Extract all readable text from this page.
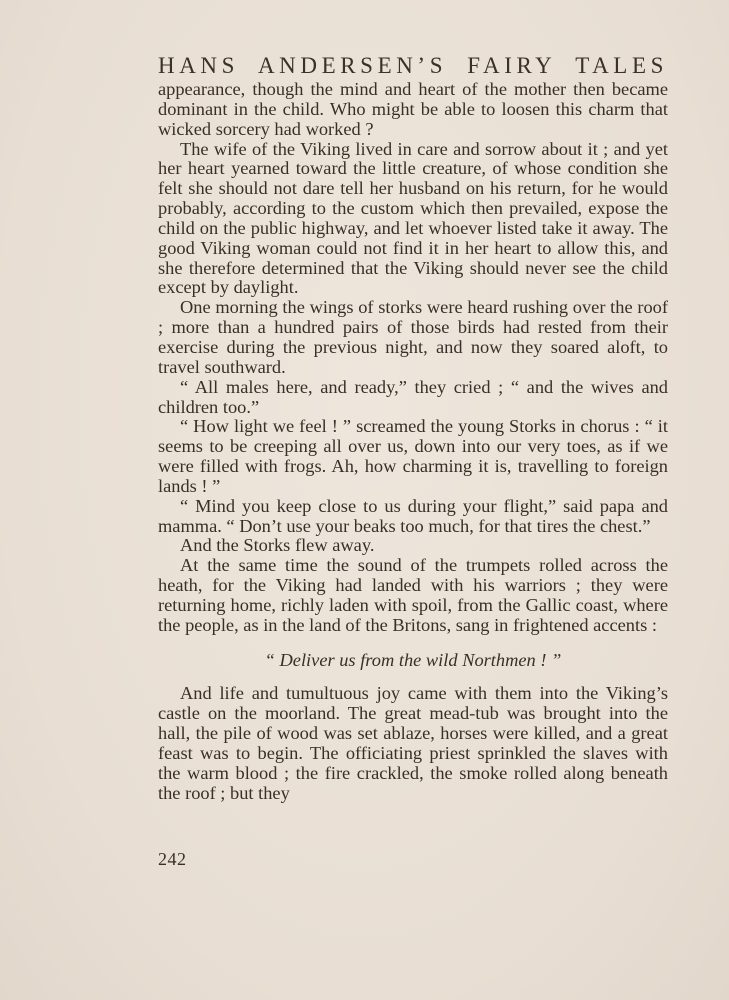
HANS ANDERSEN’S FAIRY TALES

appearance, though the mind and heart of the mother then became dominant in the child. Who might be able to loosen this charm that wicked sorcery had worked ?

The wife of the Viking lived in care and sorrow about it ; and yet her heart yearned toward the little creature, of whose condition she felt she should not dare tell her husband on his return, for he would probably, according to the custom which then prevailed, expose the child on the public highway, and let whoever listed take it away. The good Viking woman could not find it in her heart to allow this, and she therefore determined that the Viking should never see the child except by daylight.

One morning the wings of storks were heard rushing over the roof ; more than a hundred pairs of those birds had rested from their exercise during the previous night, and now they soared aloft, to travel southward.

“ All males here, and ready,” they cried ; “ and the wives and children too.”

“ How light we feel ! ” screamed the young Storks in chorus : “ it seems to be creeping all over us, down into our very toes, as if we were filled with frogs. Ah, how charming it is, travelling to foreign lands ! ”

“ Mind you keep close to us during your flight,” said papa and mamma. “ Don’t use your beaks too much, for that tires the chest.”

And the Storks flew away.

At the same time the sound of the trumpets rolled across the heath, for the Viking had landed with his warriors ; they were returning home, richly laden with spoil, from the Gallic coast, where the people, as in the land of the Britons, sang in frightened accents :

“ Deliver us from the wild Northmen ! ”

And life and tumultuous joy came with them into the Viking’s castle on the moorland. The great mead-tub was brought into the hall, the pile of wood was set ablaze, horses were killed, and a great feast was to begin. The officiating priest sprinkled the slaves with the warm blood ; the fire crackled, the smoke rolled along beneath the roof ; but they

242
